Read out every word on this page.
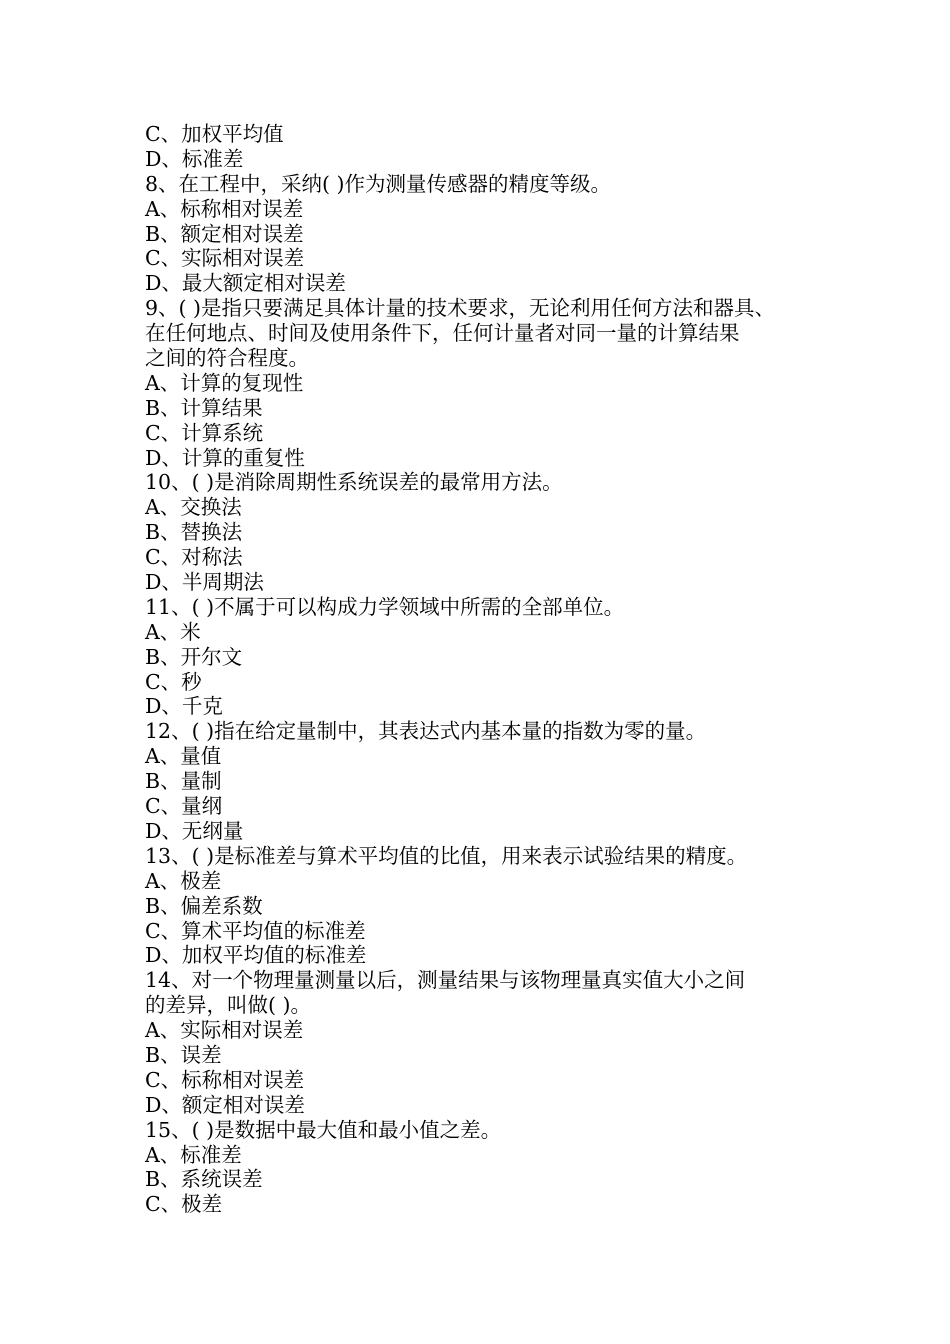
C、加权平均值
D、标准差
8、在工程中，采纳( )作为测量传感器的精度等级。
A、标称相对误差
B、额定相对误差
C、实际相对误差
D、最大额定相对误差
9、( )是指只要满足具体计量的技术要求，无论利用任何方法和器具、
在任何地点、时间及使用条件下，任何计量者对同一量的计算结果
之间的符合程度。
A、计算的复现性
B、计算结果
C、计算系统
D、计算的重复性
10、( )是消除周期性系统误差的最常用方法。
A、交换法
B、替换法
C、对称法
D、半周期法
11、( )不属于可以构成力学领域中所需的全部单位。
A、米
B、开尔文
C、秒
D、千克
12、( )指在给定量制中，其表达式内基本量的指数为零的量。
A、量值
B、量制
C、量纲
D、无纲量
13、( )是标准差与算术平均值的比值，用来表示试验结果的精度。
A、极差
B、偏差系数
C、算术平均值的标准差
D、加权平均值的标准差
14、对一个物理量测量以后，测量结果与该物理量真实值大小之间
的差异，叫做( )。
A、实际相对误差
B、误差
C、标称相对误差
D、额定相对误差
15、( )是数据中最大值和最小值之差。
A、标准差
B、系统误差
C、极差
